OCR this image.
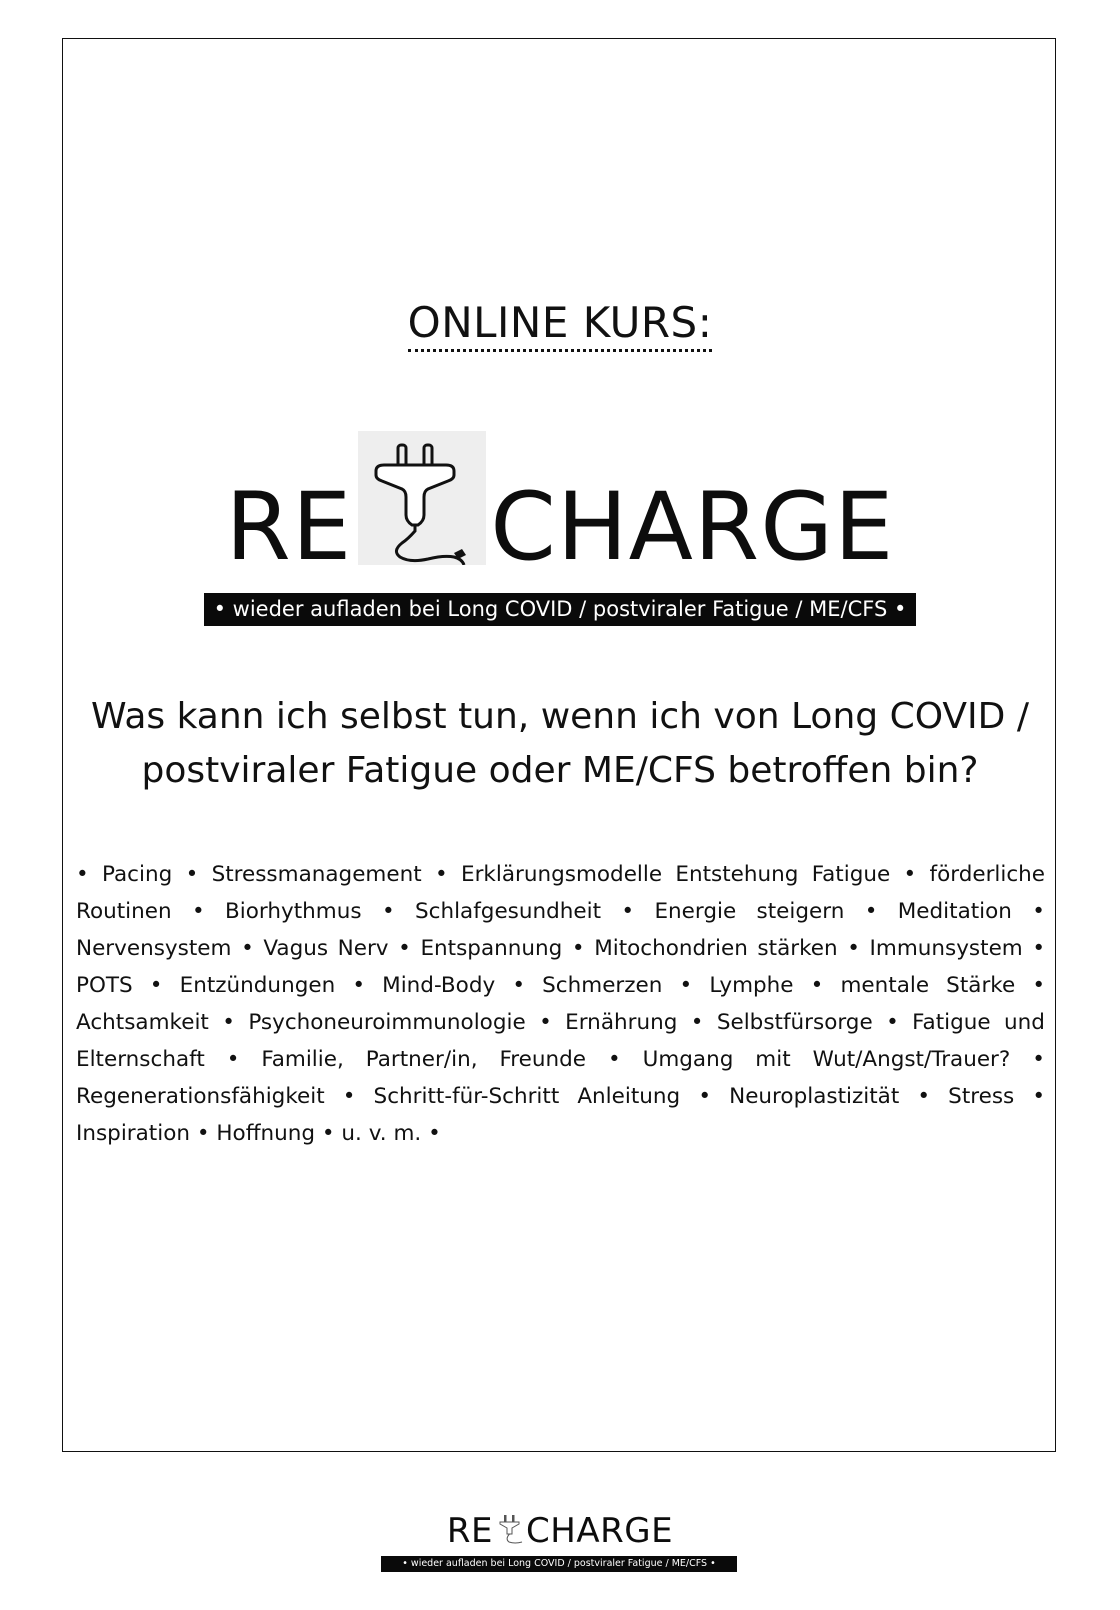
ONLINE KURS:
RE CHARGE
• wieder aufladen bei Long COVID / postviraler Fatigue / ME/CFS •
Was kann ich selbst tun, wenn ich von Long COVID /
postviraler Fatigue oder ME/CFS betroffen bin?
• Pacing • Stressmanagement • Erklärungsmodelle Entstehung Fatigue • förderliche Routinen • Biorhythmus • Schlafgesundheit • Energie steigern • Meditation • Nervensystem • Vagus Nerv • Entspannung • Mitochondrien stärken • Immunsystem • POTS • Entzündungen • Mind-Body • Schmerzen • Lymphe • mentale Stärke • Achtsamkeit • Psychoneuroimmunologie • Ernährung • Selbstfürsorge • Fatigue und Elternschaft • Familie, Partner/in, Freunde • Umgang mit Wut/Angst/Trauer? • Regenerationsfähigkeit • Schritt-für-Schritt Anleitung • Neuroplastizität • Stress • Inspiration • Hoffnung • u. v. m. •
RE CHARGE
• wieder aufladen bei Long COVID / postviraler Fatigue / ME/CFS •
